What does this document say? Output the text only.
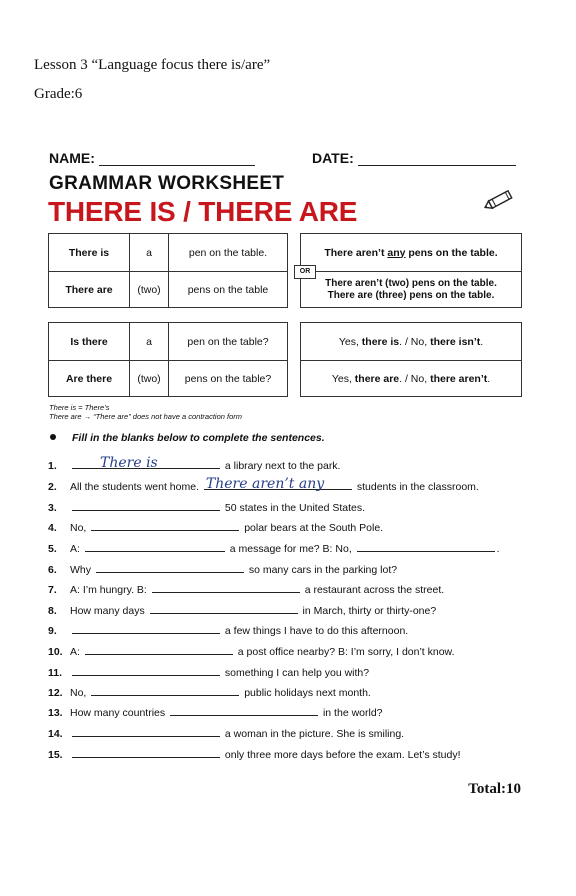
Lesson 3 “Language focus there is/are”
Grade:6
NAME:	DATE:
GRAMMAR WORKSHEET
THERE IS / THERE ARE
There is	a	pen on the table.
There are	(two)	pens on the table
There aren’t any pens on the table.

There aren’t (two) pens on the table.
There are (three) pens on the table.
OR
Is there	a	pen on the table?
Are there	(two)	pens on the table?
Yes, there is. / No, there isn’t.
Yes, there are. / No, there aren’t.
There is = There’s
There are → “There are” does not have a contraction form
Fill in the blanks below to complete the sentences.
1.	There is	a library next to the park.
2. All the students went home. There aren’t any	students in the classroom.
3.	50 states in the United States.
4. No,	polar bears at the South Pole.
5. A:	a message for me? B: No,	.
6. Why	so many cars in the parking lot?
7. A: I’m hungry. B:	a restaurant across the street.
8. How many days	in March, thirty or thirty-one?
9.	a few things I have to do this afternoon.
10. A:	a post office nearby? B: I’m sorry, I don’t know.
11.	something I can help you with?
12. No,	public holidays next month.
13. How many countries	in the world?
14.	a woman in the picture. She is smiling.
15.	only three more days before the exam. Let’s study!
Total:10
